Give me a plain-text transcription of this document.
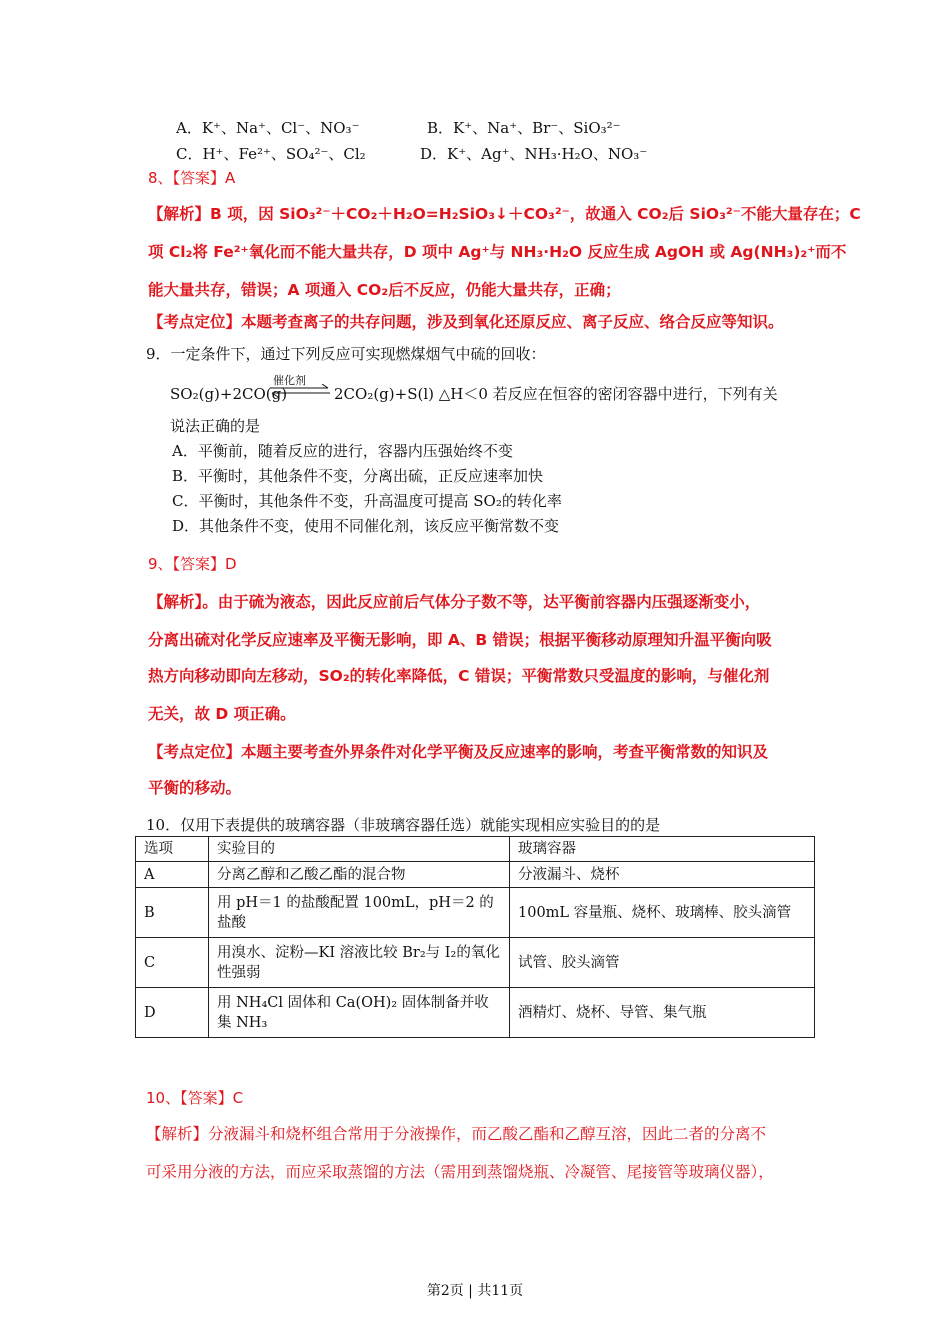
A．K⁺、Na⁺、Cl⁻、NO₃⁻	B．K⁺、Na⁺、Br⁻、SiO₃²⁻
C．H⁺、Fe²⁺、SO₄²⁻、Cl₂	D．K⁺、Ag⁺、NH₃·H₂O、NO₃⁻
8、【答案】A
【解析】B 项，因 SiO₃²⁻＋CO₂＋H₂O=H₂SiO₃↓＋CO₃²⁻，故通入 CO₂后 SiO₃²⁻不能大量存在；C
项 Cl₂将 Fe²⁺氧化而不能大量共存，D 项中 Ag⁺与 NH₃·H₂O 反应生成 AgOH 或 Ag(NH₃)₂⁺而不
能大量共存，错误；A 项通入 CO₂后不反应，仍能大量共存，正确；
【考点定位】本题考查离子的共存问题，涉及到氧化还原反应、离子反应、络合反应等知识。
9．一定条件下，通过下列反应可实现燃煤烟气中硫的回收：
催化剂
SO₂(g)+2CO(g)	2CO₂(g)+S(l) △H＜0 若反应在恒容的密闭容器中进行，下列有关
说法正确的是
A．平衡前，随着反应的进行，容器内压强始终不变
B．平衡时，其他条件不变，分离出硫，正反应速率加快
C．平衡时，其他条件不变，升高温度可提高 SO₂的转化率
D．其他条件不变，使用不同催化剂，该反应平衡常数不变
9、【答案】D
【解析】。由于硫为液态，因此反应前后气体分子数不等，达平衡前容器内压强逐渐变小，
分离出硫对化学反应速率及平衡无影响，即 A、B 错误；根据平衡移动原理知升温平衡向吸
热方向移动即向左移动，SO₂的转化率降低，C 错误；平衡常数只受温度的影响，与催化剂
无关，故 D 项正确。
【考点定位】本题主要考查外界条件对化学平衡及反应速率的影响，考查平衡常数的知识及
平衡的移动。
10．仅用下表提供的玻璃容器（非玻璃容器任选）就能实现相应实验目的的是
选项	实验目的	玻璃容器
A	分离乙醇和乙酸乙酯的混合物	分液漏斗、烧杯
B	用 pH＝1 的盐酸配置 100mL，pH＝2 的盐酸	100mL 容量瓶、烧杯、玻璃棒、胶头滴管
C	用溴水、淀粉—KI 溶液比较 Br₂与 I₂的氧化性强弱	试管、胶头滴管
D	用 NH₄Cl 固体和 Ca(OH)₂ 固体制备并收集 NH₃	酒精灯、烧杯、导管、集气瓶
10、【答案】C
【解析】分液漏斗和烧杯组合常用于分液操作，而乙酸乙酯和乙醇互溶，因此二者的分离不
可采用分液的方法，而应采取蒸馏的方法（需用到蒸馏烧瓶、冷凝管、尾接管等玻璃仪器），
第2页 | 共11页
